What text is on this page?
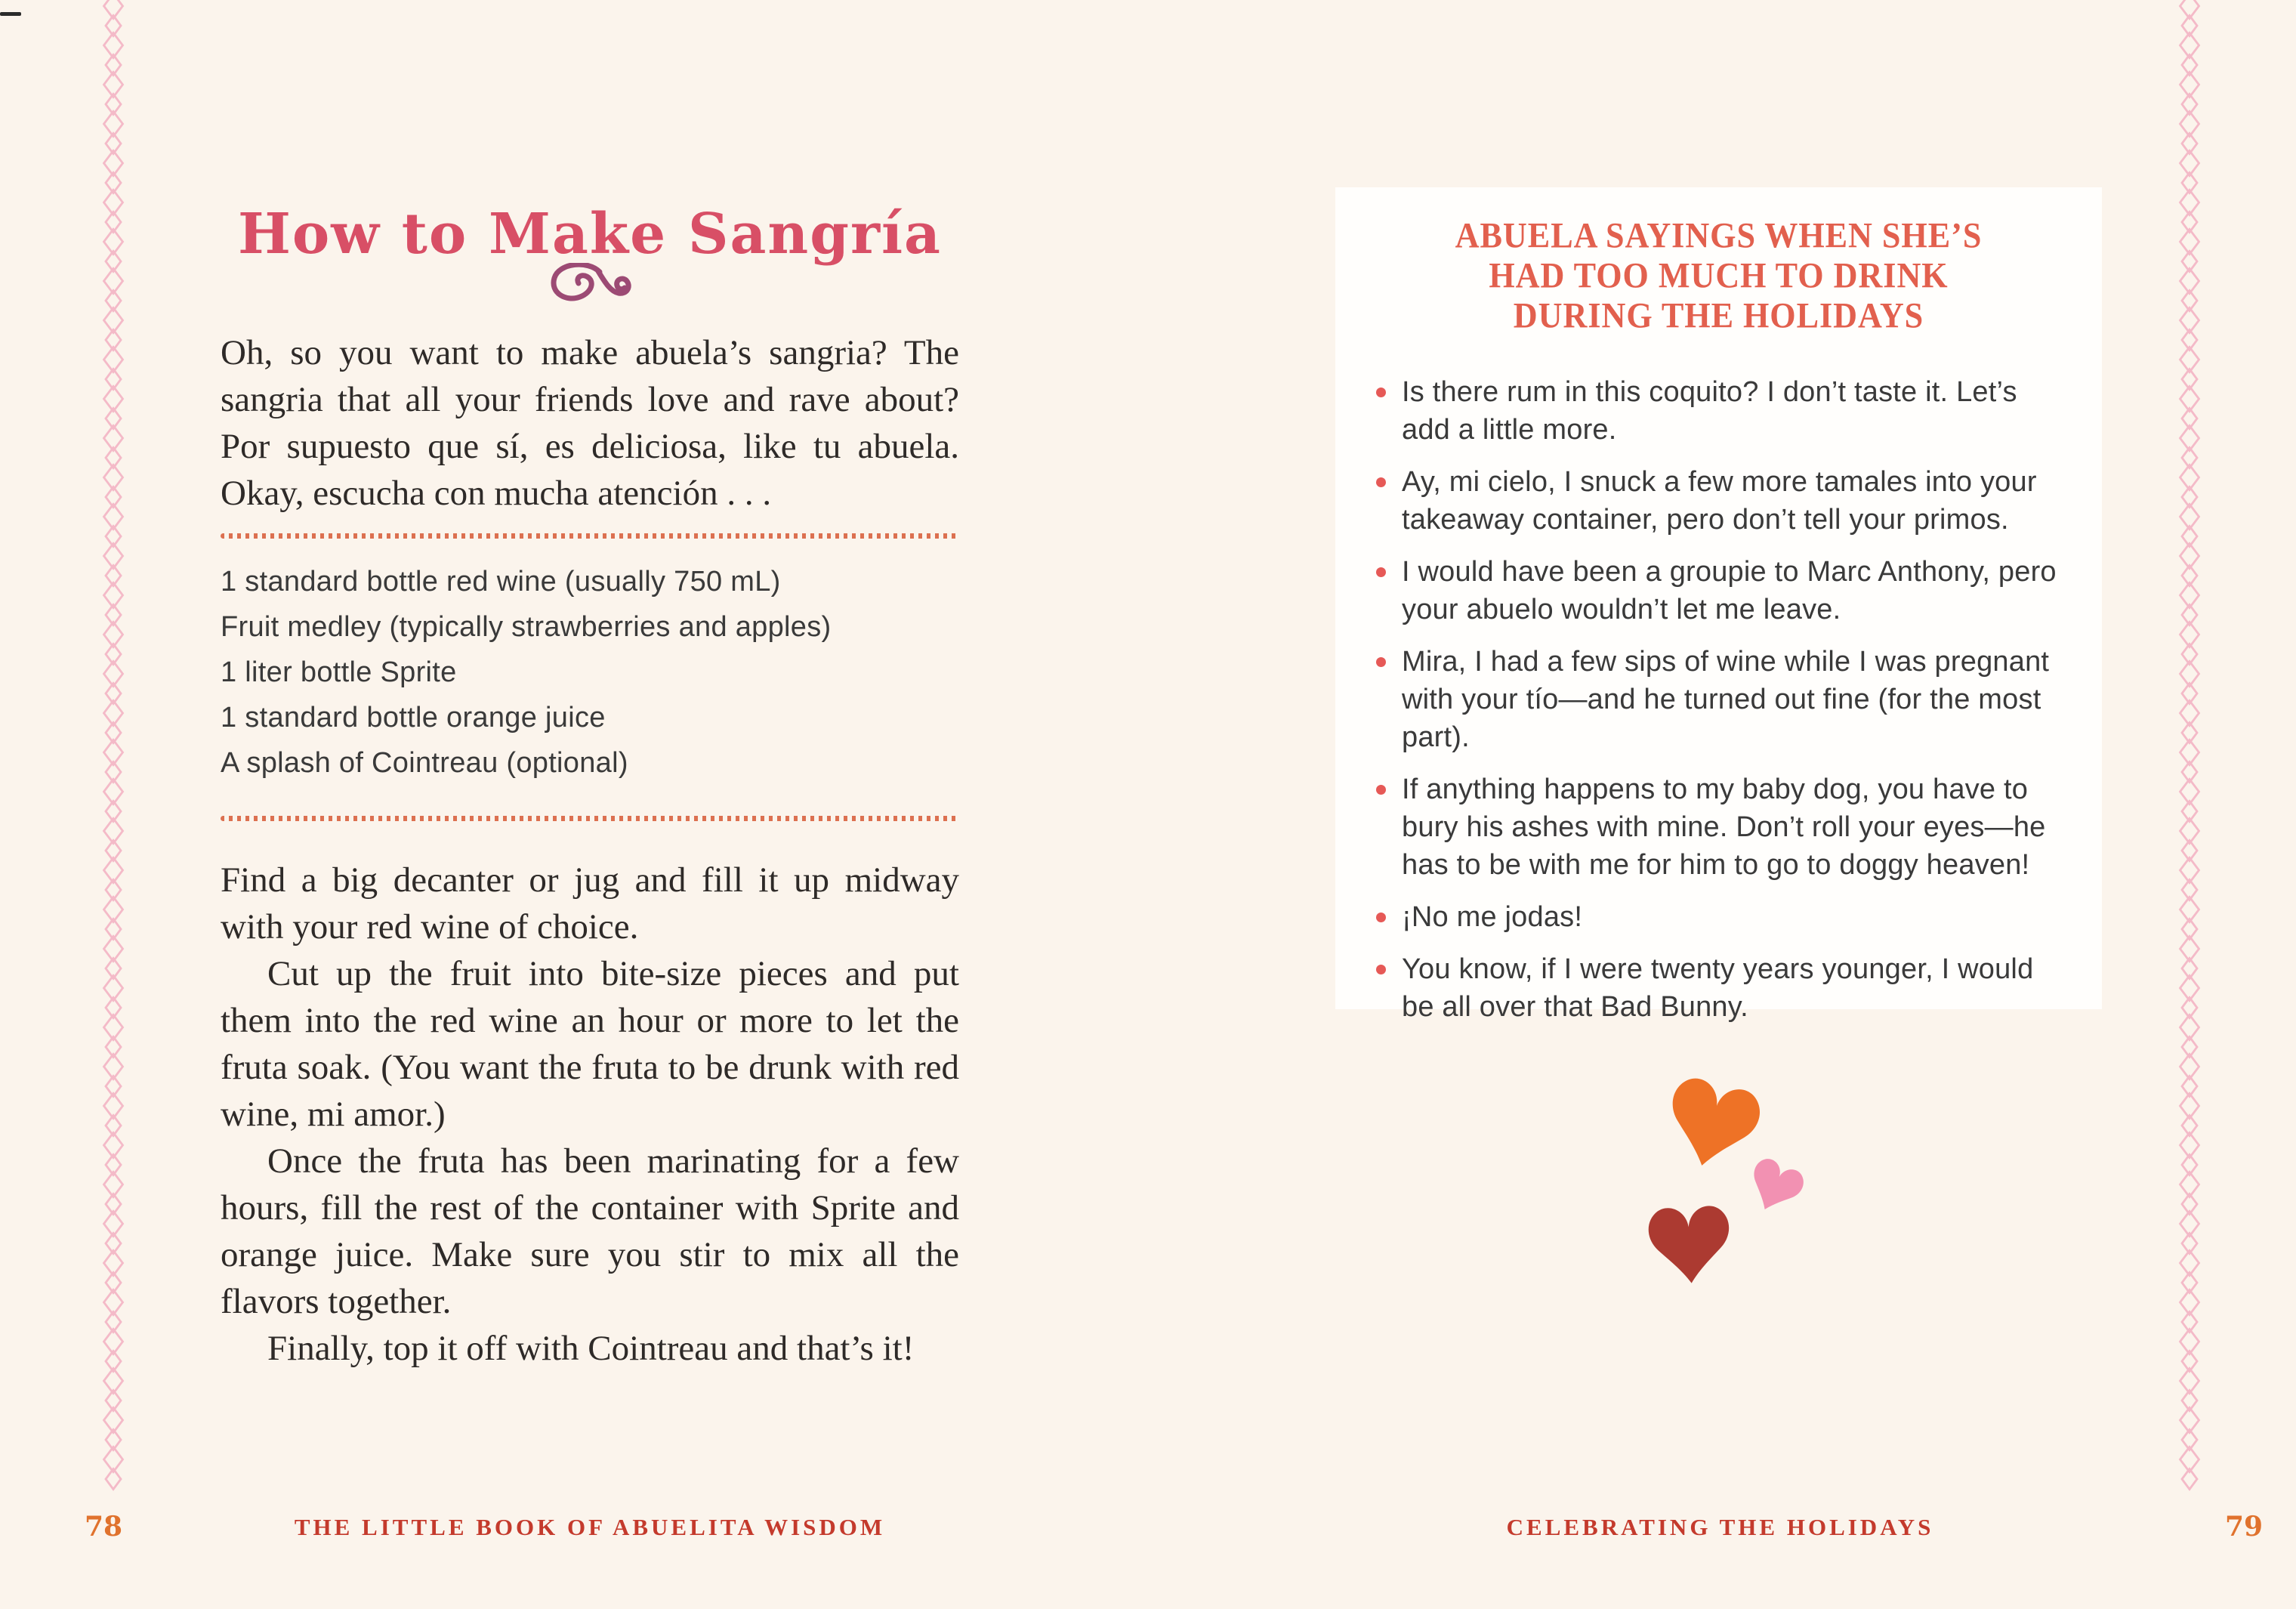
How to Make Sangría
Oh, so you want to make abuela’s sangria? The sangria that all your friends love and rave about? Por supuesto que sí, es deliciosa, like tu abuela. Okay, escucha con mucha atención . . .
1 standard bottle red wine (usually 750 mL)
Fruit medley (typically strawberries and apples)
1 liter bottle Sprite
1 standard bottle orange juice
A splash of Cointreau (optional)

Find a big decanter or jug and fill it up midway with your red wine of choice.

Cut up the fruit into bite-size pieces and put them into the red wine an hour or more to let the fruta soak. (You want the fruta to be drunk with red wine, mi amor.)

Once the fruta has been marinating for a few hours, fill the rest of the container with Sprite and orange juice. Make sure you stir to mix all the flavors together.

Finally, top it off with Cointreau and that’s it!

ABUELA SAYINGS WHEN SHE’S
HAD TOO MUCH TO DRINK
DURING THE HOLIDAYS
Is there rum in this coquito? I don’t taste it. Let’s add a little more.
Ay, mi cielo, I snuck a few more tamales into your takeaway container, pero don’t tell your primos.
I would have been a groupie to Marc Anthony, pero your abuelo wouldn’t let me leave.
Mira, I had a few sips of wine while I was pregnant with your tío—and he turned out fine (for the most part).
If anything happens to my baby dog, you have to bury his ashes with mine. Don’t roll your eyes—he has to be with me for him to go to doggy heaven!
¡No me jodas!
You know, if I were twenty years younger, I would be all over that Bad Bunny.
78	THE LITTLE BOOK OF ABUELITA WISDOM	CELEBRATING THE HOLIDAYS	79
